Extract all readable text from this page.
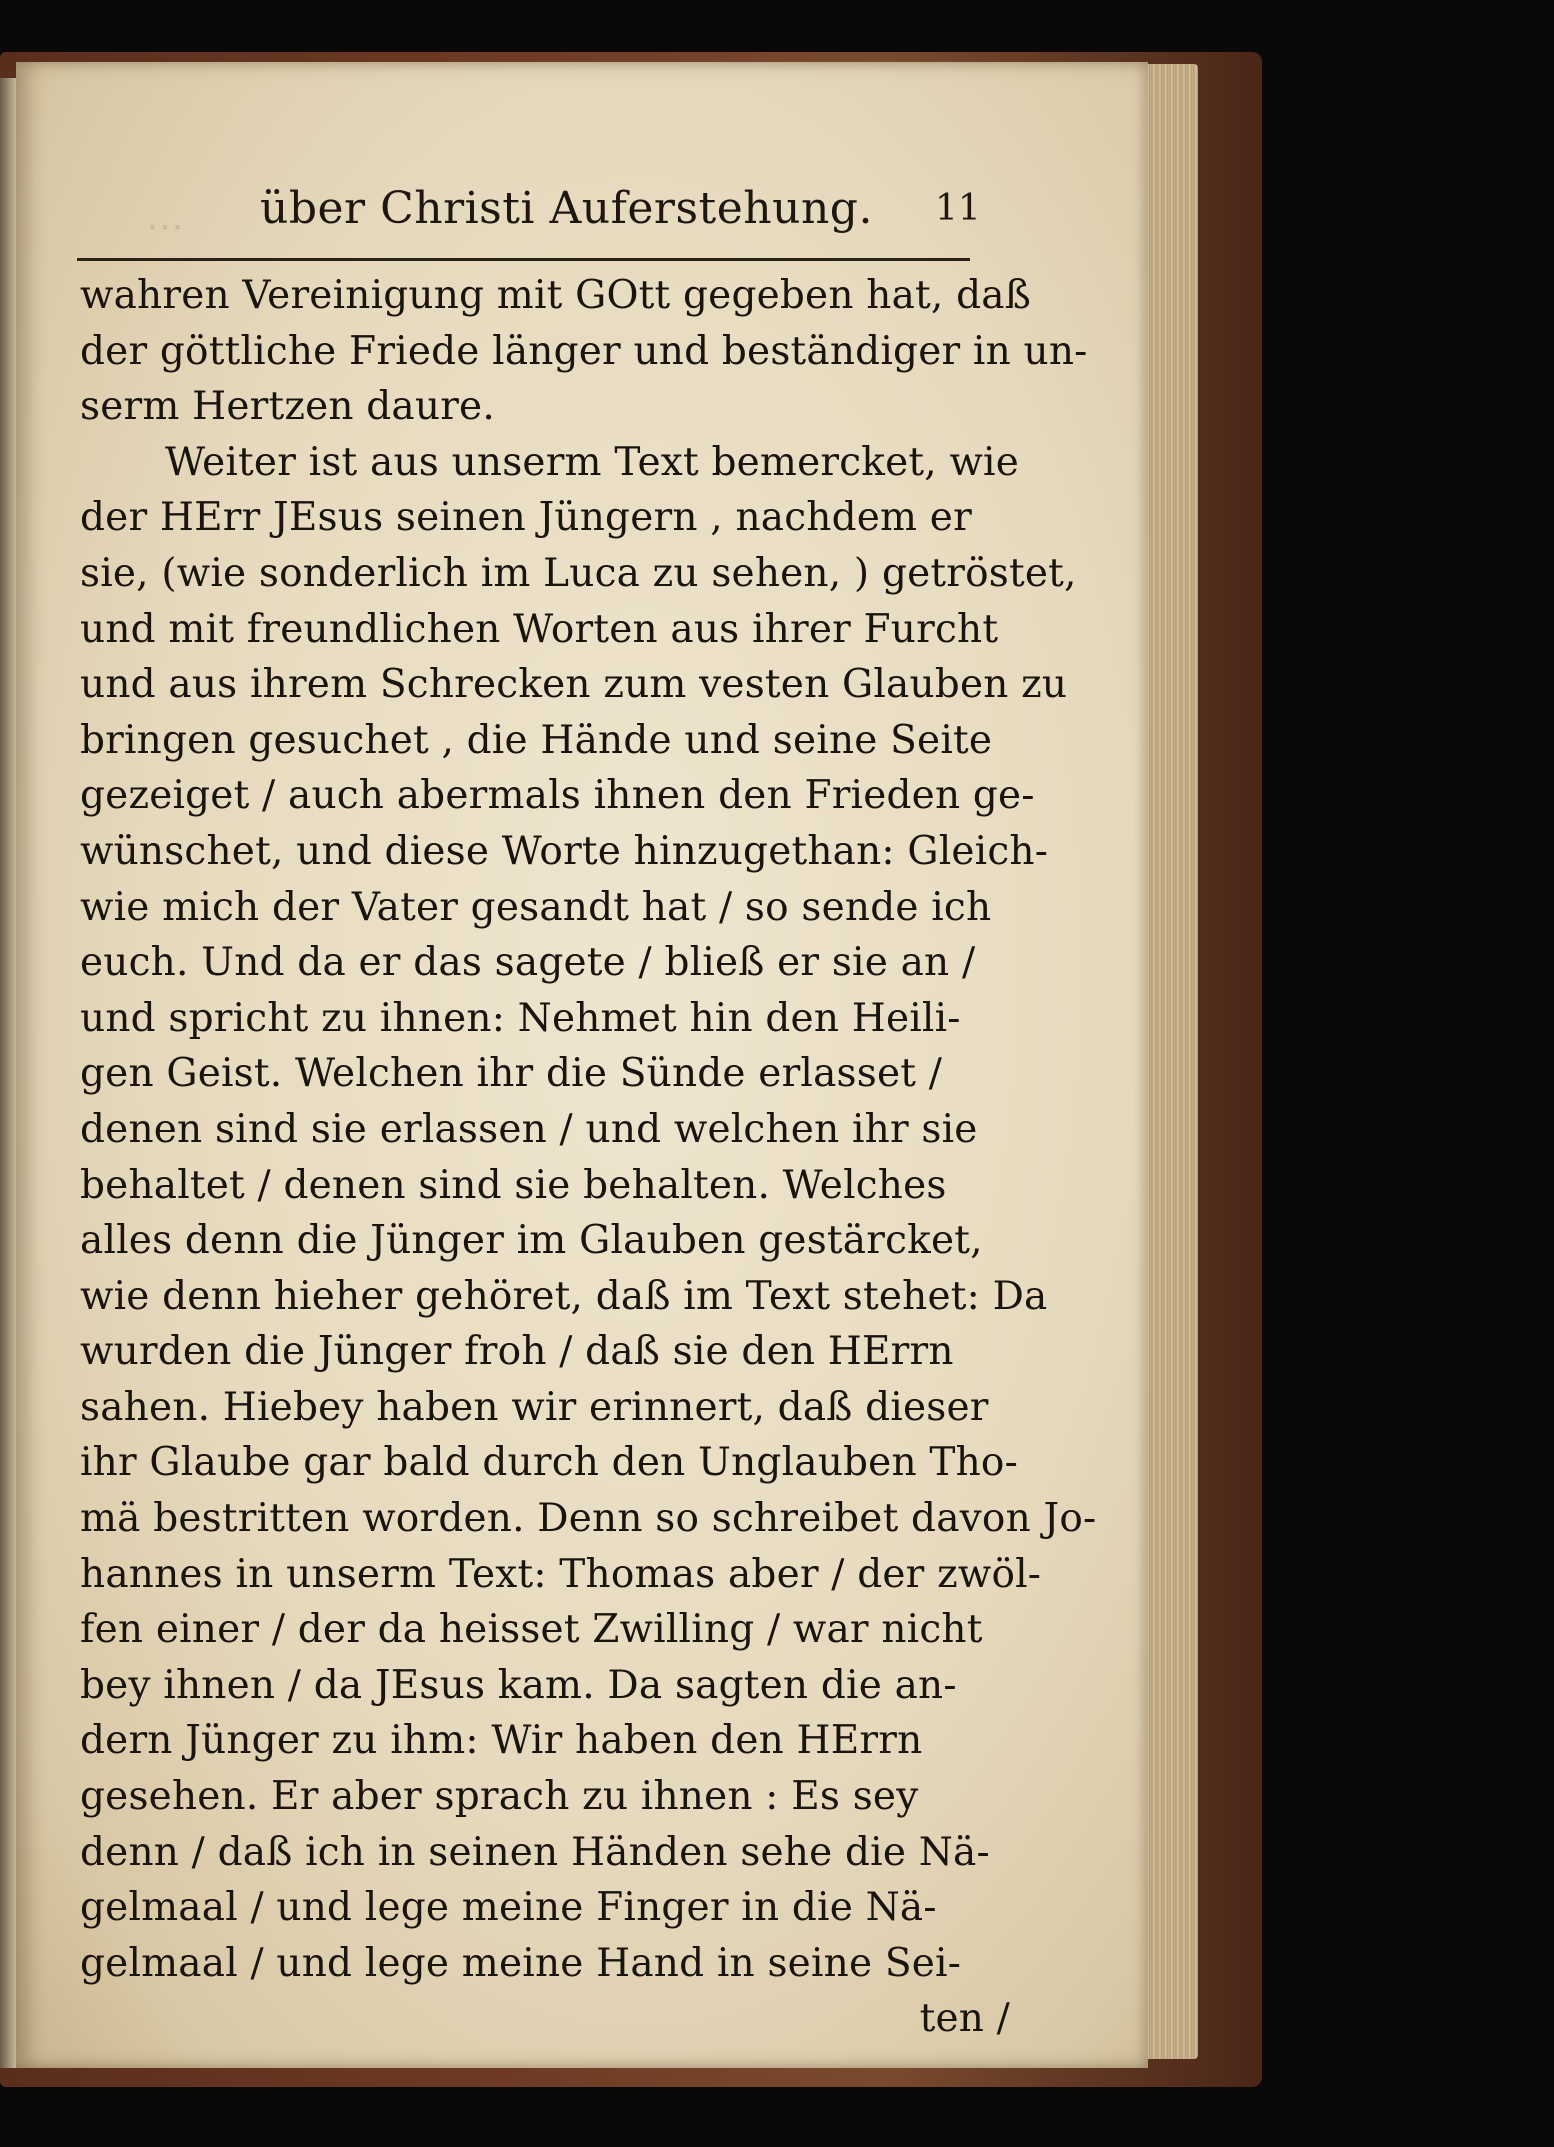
⋯ über Christi Auferstehung. 11
wahren Vereinigung mit GOtt gegeben hat, daß
der göttliche Friede länger und beständiger in un-
serm Hertzen daure.
Weiter ist aus unserm Text bemercket, wie
der HErr JEsus seinen Jüngern , nachdem er
sie, (wie sonderlich im Luca zu sehen, ) getröstet,
und mit freundlichen Worten aus ihrer Furcht
und aus ihrem Schrecken zum vesten Glauben zu
bringen gesuchet , die Hände und seine Seite
gezeiget / auch abermals ihnen den Frieden ge-
wünschet, und diese Worte hinzugethan: Gleich-
wie mich der Vater gesandt hat / so sende ich
euch. Und da er das sagete / bließ er sie an /
und spricht zu ihnen: Nehmet hin den Heili-
gen Geist. Welchen ihr die Sünde erlasset /
denen sind sie erlassen / und welchen ihr sie
behaltet / denen sind sie behalten. Welches
alles denn die Jünger im Glauben gestärcket,
wie denn hieher gehöret, daß im Text stehet: Da
wurden die Jünger froh / daß sie den HErrn
sahen. Hiebey haben wir erinnert, daß dieser
ihr Glaube gar bald durch den Unglauben Tho-
mä bestritten worden. Denn so schreibet davon Jo-
hannes in unserm Text: Thomas aber / der zwöl-
fen einer / der da heisset Zwilling / war nicht
bey ihnen / da JEsus kam. Da sagten die an-
dern Jünger zu ihm: Wir haben den HErrn
gesehen. Er aber sprach zu ihnen : Es sey
denn / daß ich in seinen Händen sehe die Nä-
gelmaal / und lege meine Finger in die Nä-
gelmaal / und lege meine Hand in seine Sei-
ten /
